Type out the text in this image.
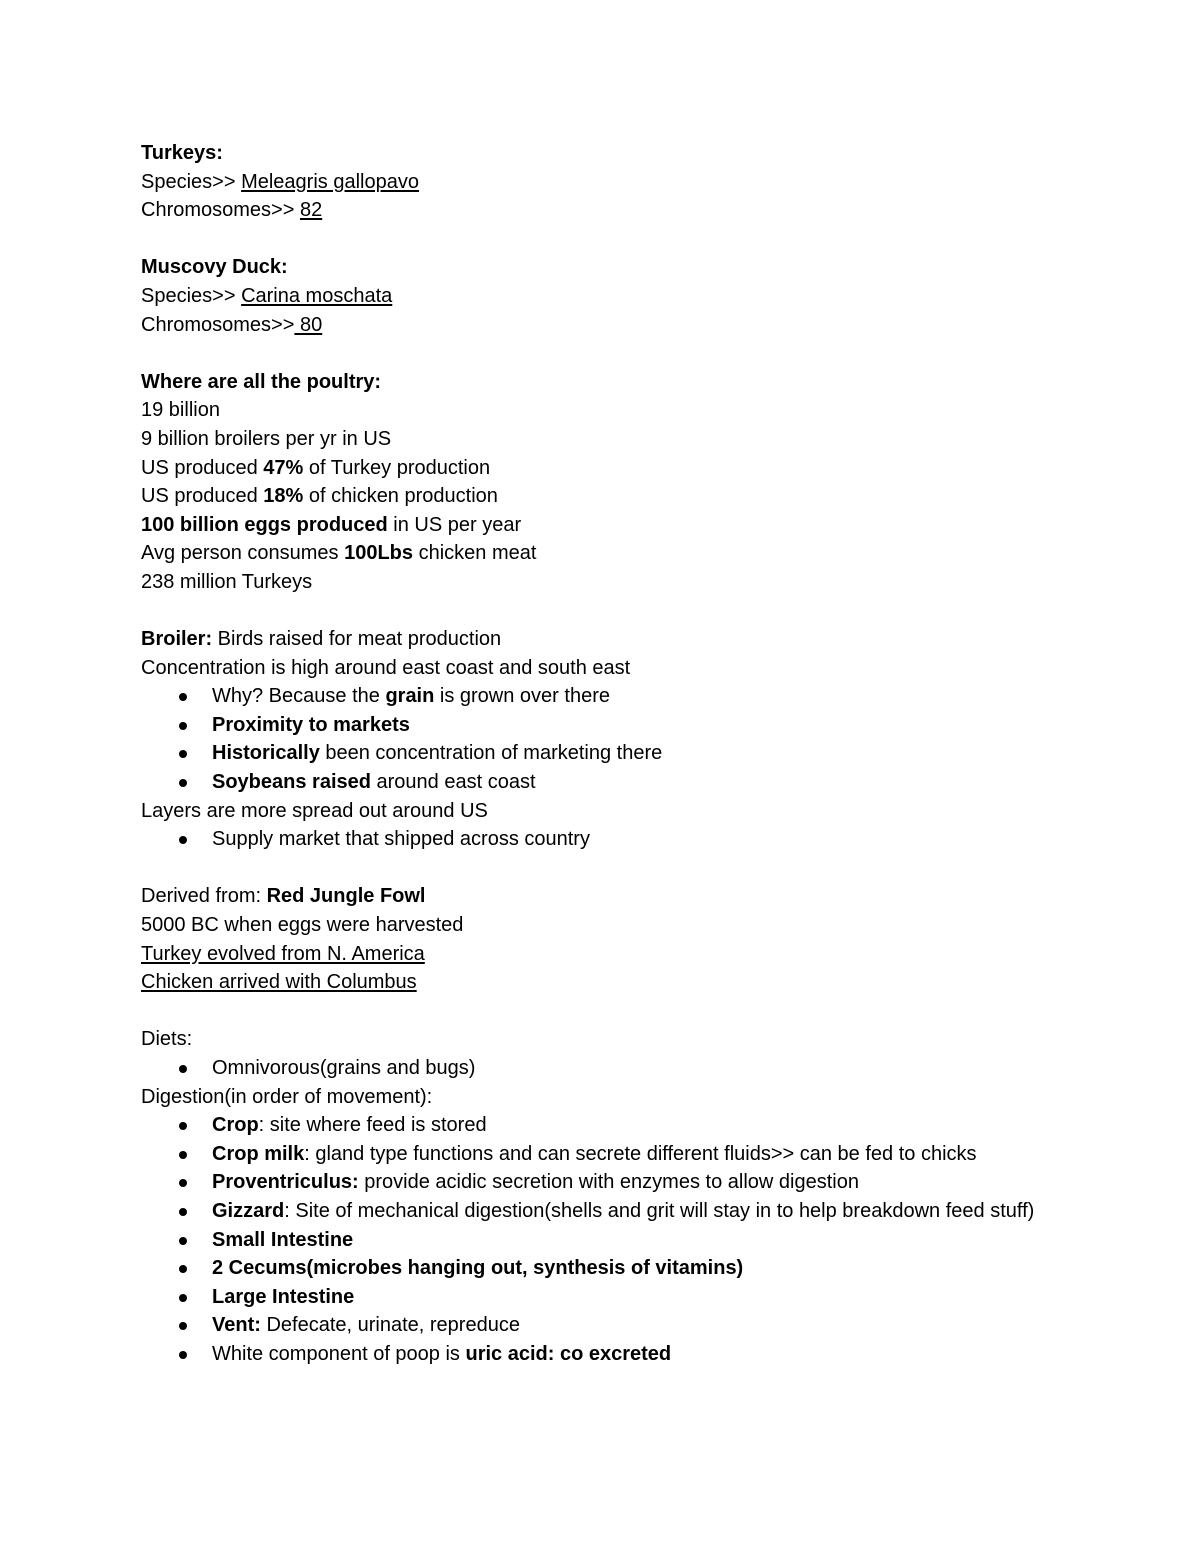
Turkeys:

Species>> Meleagris gallopavo

Chromosomes>> 82

Muscovy Duck:

Species>> Carina moschata

Chromosomes>> 80

Where are all the poultry:

19 billion

9 billion broilers per yr in US

US produced 47% of Turkey production

US produced 18% of chicken production

100 billion eggs produced in US per year

Avg person consumes 100Lbs chicken meat

238 million Turkeys

Broiler: Birds raised for meat production

Concentration is high around east coast and south east

Why? Because the grain is grown over there
Proximity to markets
Historically been concentration of marketing there
Soybeans raised around east coast

Layers are more spread out around US

Supply market that shipped across country

Derived from: Red Jungle Fowl

5000 BC when eggs were harvested

Turkey evolved from N. America

Chicken arrived with Columbus

Diets:

Omnivorous(grains and bugs)

Digestion(in order of movement):

Crop: site where feed is stored
Crop milk: gland type functions and can secrete different fluids>> can be fed to chicks
Proventriculus: provide acidic secretion with enzymes to allow digestion
Gizzard: Site of mechanical digestion(shells and grit will stay in to help breakdown feed stuff)
Small Intestine
2 Cecums(microbes hanging out, synthesis of vitamins)
Large Intestine
Vent: Defecate, urinate, repreduce
White component of poop is uric acid: co excreted
